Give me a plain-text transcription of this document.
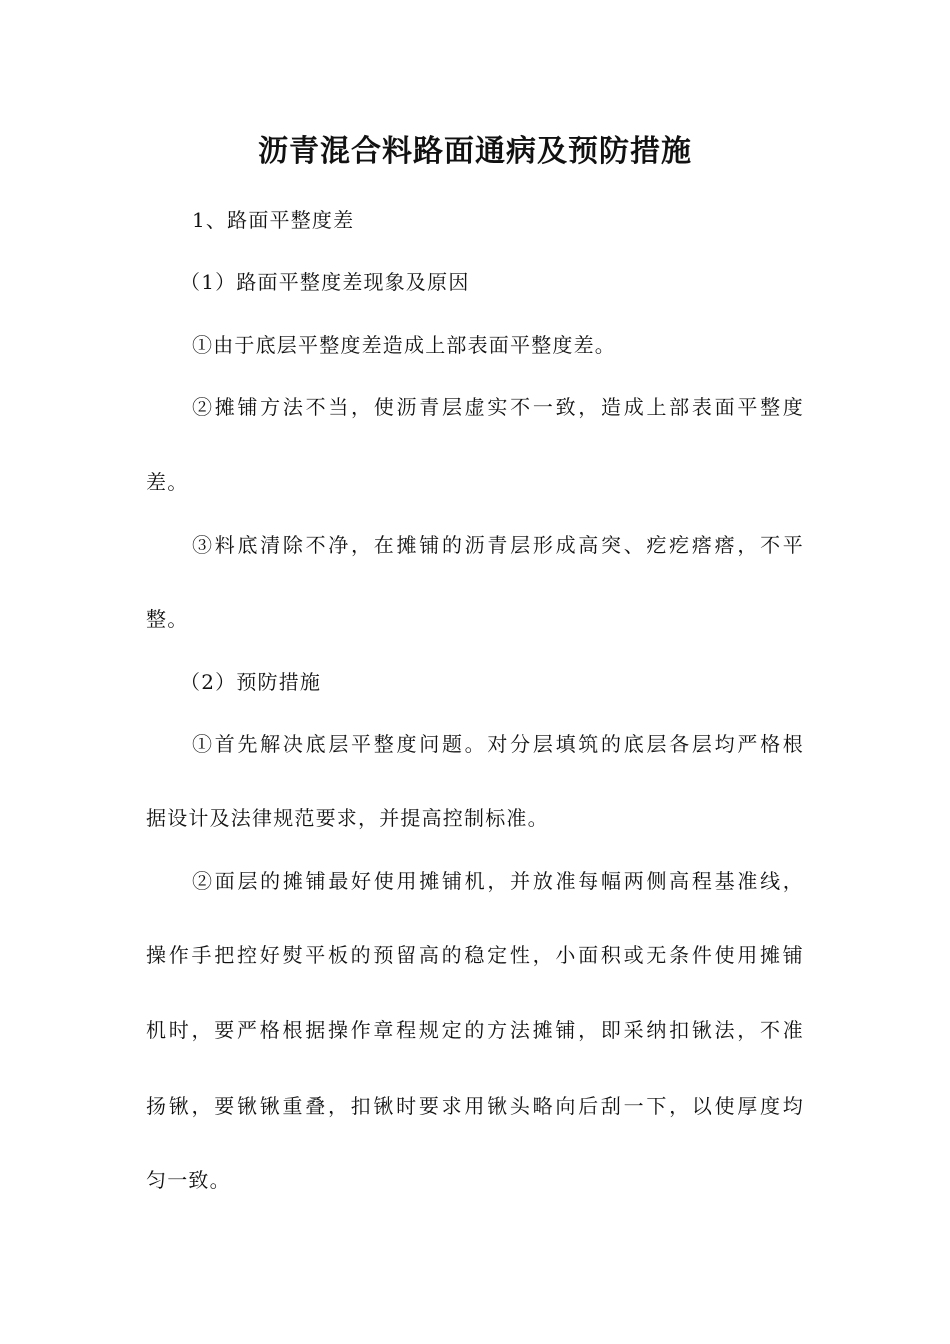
沥青混合料路面通病及预防措施
1、路面平整度差
（1）路面平整度差现象及原因
①由于底层平整度差造成上部表面平整度差。
②摊铺方法不当，使沥青层虚实不一致，造成上部表面平整度
差。
③料底清除不净，在摊铺的沥青层形成高突、疙疙瘩瘩，不平
整。
（2）预防措施
①首先解决底层平整度问题。对分层填筑的底层各层均严格根
据设计及法律规范要求，并提高控制标准。
②面层的摊铺最好使用摊铺机，并放准每幅两侧高程基准线，
操作手把控好熨平板的预留高的稳定性，小面积或无条件使用摊铺
机时，要严格根据操作章程规定的方法摊铺，即采纳扣锹法，不准
扬锹，要锹锹重叠，扣锹时要求用锹头略向后刮一下，以使厚度均
匀一致。
